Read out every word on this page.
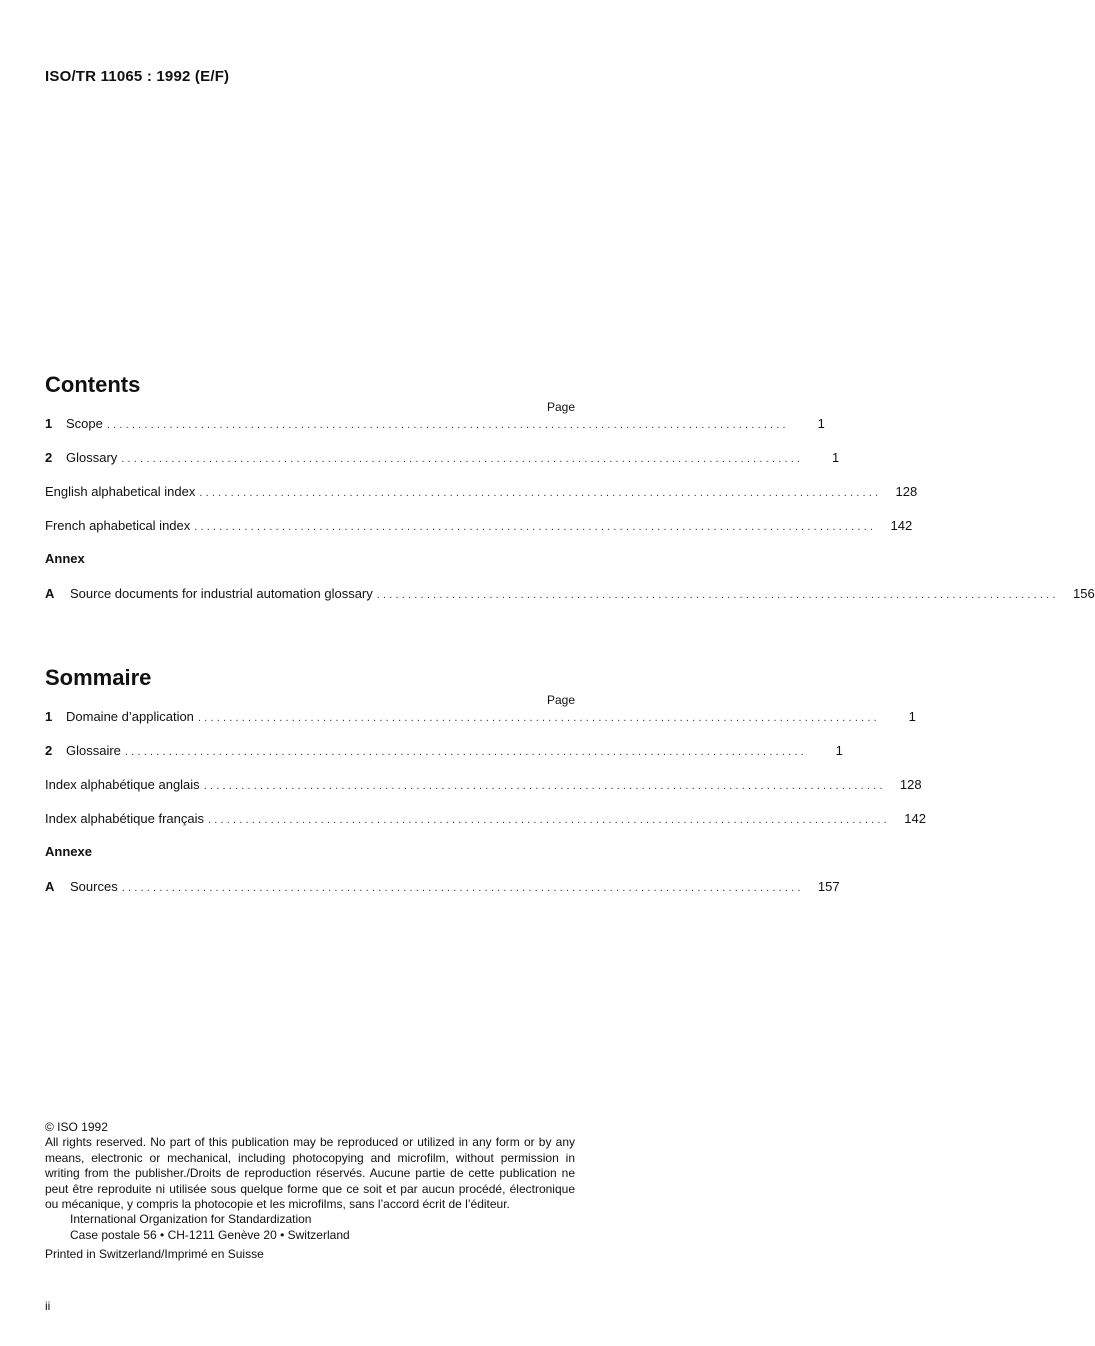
ISO/TR 11065 : 1992 (E/F)
Contents
Page
1	Scope .............................................................................................................	1
2	Glossary .............................................................................................................	1
English alphabetical index ............................................................................................................. 128
French aphabetical index ............................................................................................................. 142
Annex
A	Source documents for industrial automation glossary ............................................................................................................. 156
Sommaire
Page
1	Domaine d’application .............................................................................................................	1
2	Glossaire .............................................................................................................	1
Index alphabétique anglais ............................................................................................................. 128
Index alphabétique français ............................................................................................................. 142
Annexe
A	Sources ............................................................................................................. 157
© ISO 1992

All rights reserved. No part of this publication may be reproduced or utilized in any form or by any means, electronic or mechanical, including photocopying and microfilm, without permission in writing from the publisher./Droits de reproduction réservés. Aucune partie de cette publication ne peut être reproduite ni utilisée sous quelque forme que ce soit et par aucun procédé, électronique ou mécanique, y compris la photocopie et les microfilms, sans l’accord écrit de l’éditeur.

International Organization for Standardization
Case postale 56 • CH-1211 Genève 20 • Switzerland
Printed in Switzerland/Imprimé en Suisse
ii
